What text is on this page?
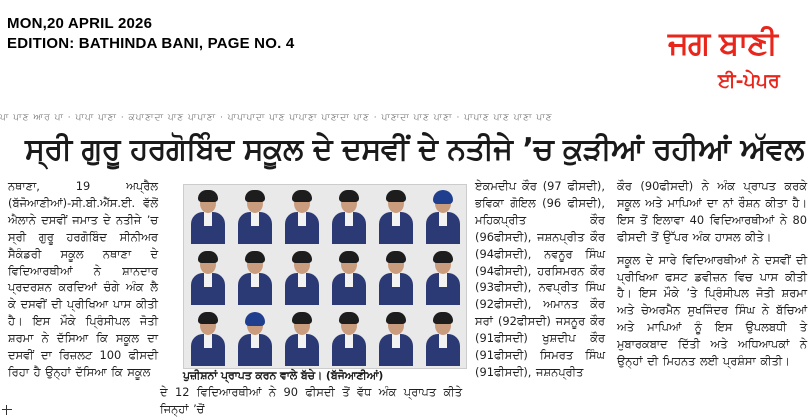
MON,20 APRIL 2026
EDITION: BATHINDA BANI, PAGE NO. 4	ਜਗ ਬਾਣੀ
ਈ-ਪੇਪਰ
ਪਾ ਪਾਣ ਆਰ ਪਾ · ਪਾਪਾ ਪਾਣਾ · ਕਪਾਣਾਦਾ ਪਾਣ ਪਾਪਾਣਾ · ਪਾਪਾਪਾਦਾ ਪਾਣ ਪਾਪਾਣਾ ਪਾਣਾਦਾ ਪਾਣ · ਪਾਣਾਦਾ ਪਾਣ ਪਾਣਾ · ਪਾਪਾਣ ਪਾਣ ਪਾਣਾ ਪਾਣ
ਸ੍ਰੀ ਗੁਰੂ ਹਰਗੋਬਿੰਦ ਸਕੂਲ ਦੇ ਦਸਵੀਂ ਦੇ ਨਤੀਜੇ ’ਚ ਕੁੜੀਆਂ ਰਹੀਆਂ ਅੱਵਲ
ਨਥਾਣਾ, 19 ਅਪ੍ਰੈਲ (ਬੱਜੋਆਣੀਆਂ)-ਸੀ.ਬੀ.ਐੱਸ.ਈ. ਵੱਲੋਂ ਐਲਾਨੇ ਦਸਵੀਂ ਜਮਾਤ ਦੇ ਨਤੀਜੇ ’ਚ ਸ੍ਰੀ ਗੁਰੂ ਹਰਗੋਬਿੰਦ ਸੀਨੀਅਰ ਸੈਕੰਡਰੀ ਸਕੂਲ ਨਥਾਣਾ ਦੇ ਵਿਦਿਆਰਥੀਆਂ ਨੇ ਸ਼ਾਨਦਾਰ ਪ੍ਰਦਰਸ਼ਨ ਕਰਦਿਆਂ ਚੰਗੇ ਅੰਕ ਲੈ ਕੇ ਦਸਵੀਂ ਦੀ ਪ੍ਰੀਖਿਆ ਪਾਸ ਕੀਤੀ ਹੈ। ਇਸ ਮੌਕੇ ਪ੍ਰਿੰਸੀਪਲ ਜੋਤੀ ਸ਼ਰਮਾ ਨੇ ਦੱਸਿਆ ਕਿ ਸਕੂਲ ਦਾ ਦਸਵੀਂ ਦਾ ਰਿਜ਼ਲਟ 100 ਫੀਸਦੀ ਰਿਹਾ ਹੈ ਉਨ੍ਹਾਂ ਦੱਸਿਆ ਕਿ ਸਕੂਲ	ਪੁਜ਼ੀਸ਼ਨਾਂ ਪ੍ਰਾਪਤ ਕਰਨ ਵਾਲੇ ਬੱਚੇ। (ਬੱਜੋਆਣੀਆਂ)
ਦੇ 12 ਵਿਦਿਆਰਥੀਆਂ ਨੇ 90 ਫੀਸਦੀ ਤੋਂ ਵੱਧ ਅੰਕ ਪ੍ਰਾਪਤ ਕੀਤੇ ਜਿਨ੍ਹਾਂ ’ਚੋਂ
ਏਕਮਦੀਪ ਕੌਰ (97 ਫੀਸਦੀ), ਭਵਿਕਾ ਗੋਇਲ (96 ਫੀਸਦੀ), ਮਹਿਕਪ੍ਰੀਤ ਕੌਰ (96ਫੀਸਦੀ), ਜਸ਼ਨਪ੍ਰੀਤ ਕੌਰ (94ਫੀਸਦੀ), ਨਵਨੂਰ ਸਿੰਘ (94ਫੀਸਦੀ), ਹਰਸਿਮਰਨ ਕੌਰ (93ਫੀਸਦੀ), ਨਵਪ੍ਰੀਤ ਸਿੰਘ (92ਫੀਸਦੀ), ਅਮਾਨਤ ਕੌਰ ਸਰਾਂ (92ਫੀਸਦੀ) ਜਸਨੂਰ ਕੌਰ (91ਫੀਸਦੀ) ਖੁਸ਼ਦੀਪ ਕੌਰ (91ਫੀਸਦੀ) ਸਿਮਰਤ ਸਿੰਘ (91ਫੀਸਦੀ), ਜਸ਼ਨਪ੍ਰੀਤ
ਕੌਰ (90ਫੀਸਦੀ) ਨੇ ਅੰਕ ਪ੍ਰਾਪਤ ਕਰਕੇ ਸਕੂਲ ਅਤੇ ਮਾਪਿਆਂ ਦਾ ਨਾਂ ਰੌਸ਼ਨ ਕੀਤਾ ਹੈ। ਇਸ ਤੋਂ ਇਲਾਵਾ 40 ਵਿਦਿਆਰਥੀਆਂ ਨੇ 80 ਫੀਸਦੀ ਤੋਂ ਉੱਪਰ ਅੰਕ ਹਾਸਲ ਕੀਤੇ।
ਸਕੂਲ ਦੇ ਸਾਰੇ ਵਿਦਿਆਰਥੀਆਂ ਨੇ ਦਸਵੀਂ ਦੀ ਪ੍ਰੀਖਿਆ ਫਸਟ ਡਵੀਜ਼ਨ ਵਿਚ ਪਾਸ ਕੀਤੀ ਹੈ। ਇਸ ਮੌਕੇ ’ਤੇ ਪ੍ਰਿੰਸੀਪਲ ਜੋਤੀ ਸ਼ਰਮਾ ਅਤੇ ਚੇਅਰਮੈਨ ਸੁਖਜਿੰਦਰ ਸਿੰਘ ਨੇ ਬੱਚਿਆਂ ਅਤੇ ਮਾਪਿਆਂ ਨੂੰ ਇਸ ਉਪਲਬਧੀ ਤੇ ਮੁਬਾਰਕਬਾਦ ਦਿੱਤੀ ਅਤੇ ਅਧਿਆਪਕਾਂ ਨੇ ਉਨ੍ਹਾਂ ਦੀ ਮਿਹਨਤ ਲਈ ਪ੍ਰਸ਼ੰਸਾ ਕੀਤੀ।
